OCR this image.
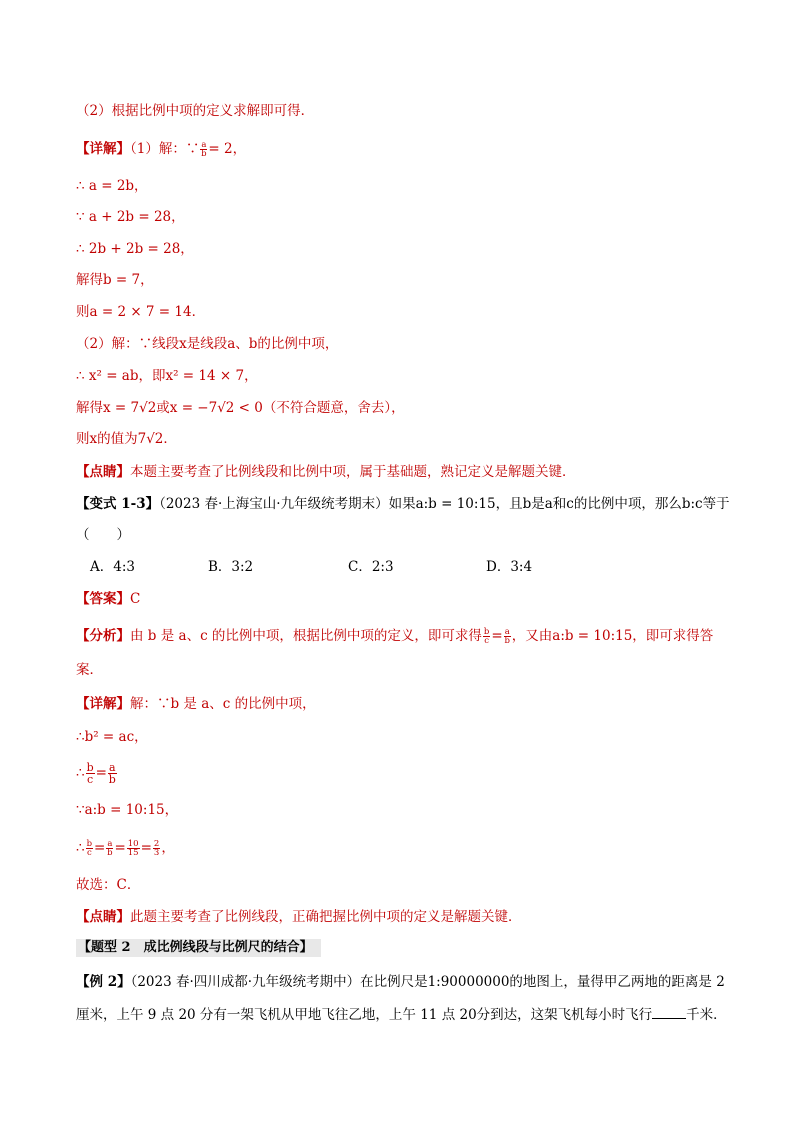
（2）根据比例中项的定义求解即可得．
【详解】（1）解：∵ $\frac{a}{b} = 2$，
∴ a = 2b，
∵ a + 2b = 28，
∴ 2b + 2b = 28，
解得b = 7，
则a = 2 × 7 = 14．
（2）解：∵线段x是线段a、b的比例中项，
∴ x² = ab，即x² = 14 × 7，
解得x = 7√2或x = −7√2 < 0（不符合题意，舍去），
则x的值为7√2．
【点睛】本题主要考查了比例线段和比例中项，属于基础题，熟记定义是解题关键．
【变式 1-3】（2023 春·上海宝山·九年级统考期末）如果a:b = 10:15，且b是a和c的比例中项，那么b:c等于
（　　）
A．4:3	B．3:2	C．2:3	D．3:4
【答案】C
【分析】由 b 是 a、c 的比例中项，根据比例中项的定义，即可求得 $\frac{b}{c} = \frac{a}{b}$ ，又由a:b = 10:15，即可求得答
案．
【详解】解：∵b 是 a、c 的比例中项，
∴b² = ac，
∴ $\frac{b}{c} = \frac{a}{b}$
∵a:b = 10:15，
∴ $\frac{b}{c} = \frac{a}{b} = \frac{10}{15} = \frac{2}{3}$ ，
故选：C．
【点睛】此题主要考查了比例线段，正确把握比例中项的定义是解题关键．
【题型 2　成比例线段与比例尺的结合】
【例 2】（2023 春·四川成都·九年级统考期中）在比例尺是1:90000000的地图上，量得甲乙两地的距离是 2
厘米，上午 9 点 20 分有一架飞机从甲地飞往乙地，上午 11 点 20分到达，这架飞机每小时飞行	千米．
